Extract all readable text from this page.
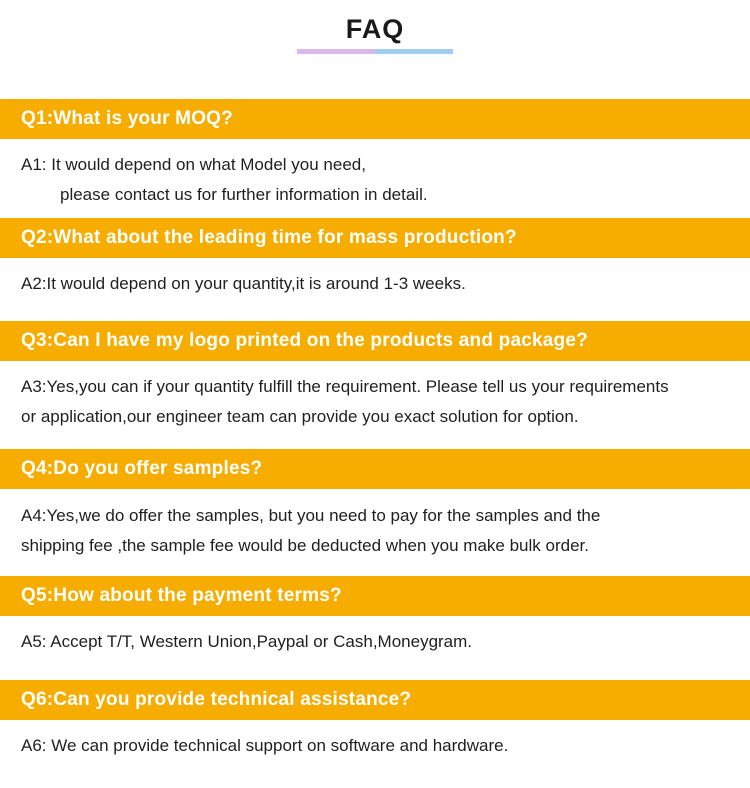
FAQ
Q1:What is your MOQ?
A1: It would depend on what Model you need,
please contact us for further information in detail.
Q2:What about the leading time for mass production?
A2:It would depend on your quantity,it is around 1-3 weeks.
Q3:Can I have my logo printed on the products and package?
A3:Yes,you can if your quantity fulfill the requirement. Please tell us your requirements
or application,our engineer team can provide you exact solution for option.
Q4:Do you offer samples?
A4:Yes,we do offer the samples, but you need to pay for the samples and the
shipping fee ,the sample fee would be deducted when you make bulk order.
Q5:How about the payment terms?
A5: Accept T/T, Western Union,Paypal or Cash,Moneygram.
Q6:Can you provide technical assistance?
A6: We can provide technical support on software and hardware.
